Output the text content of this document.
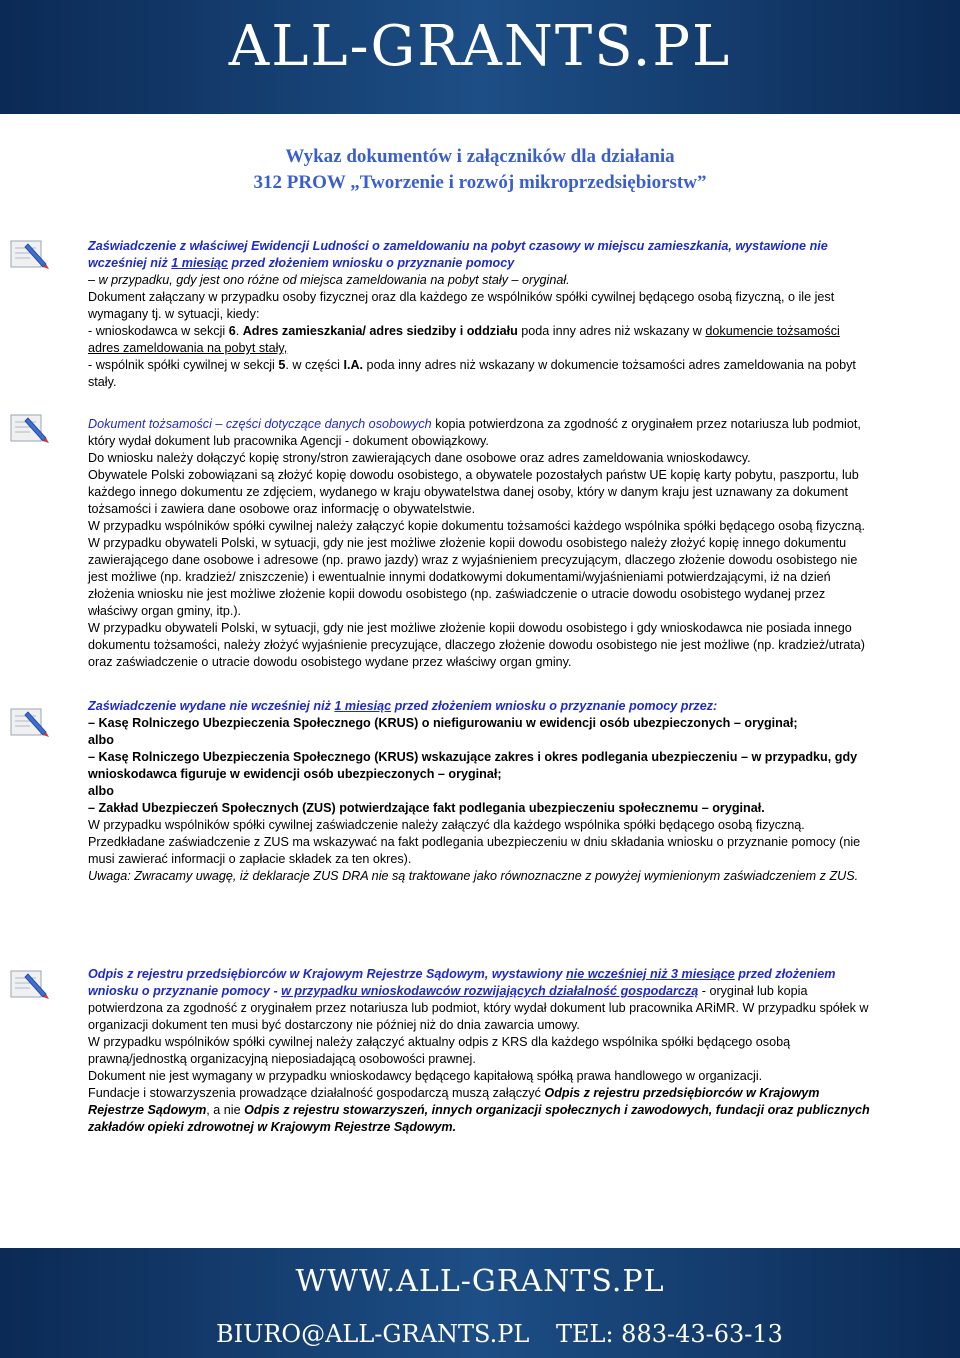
ALL-GRANTS.PL
Wykaz dokumentów i załączników dla działania
312 PROW „Tworzenie i rozwój mikroprzedsiębiorstw”

Zaświadczenie z właściwej Ewidencji Ludności o zameldowaniu na pobyt czasowy w miejscu zamieszkania, wystawione nie wcześniej niż 1 miesiąc przed złożeniem wniosku o przyznanie pomocy

– w przypadku, gdy jest ono różne od miejsca zameldowania na pobyt stały – oryginał.

Dokument załączany w przypadku osoby fizycznej oraz dla każdego ze wspólników spółki cywilnej będącego osobą fizyczną, o ile jest wymagany tj. w sytuacji, kiedy:

- wnioskodawca w sekcji 6. Adres zamieszkania/ adres siedziby i oddziału poda inny adres niż wskazany w dokumencie tożsamości adres zameldowania na pobyt stały,

- wspólnik spółki cywilnej w sekcji 5. w części I.A. poda inny adres niż wskazany w dokumencie tożsamości adres zameldowania na pobyt stały.

Dokument tożsamości – części dotyczące danych osobowych kopia potwierdzona za zgodność z oryginałem przez notariusza lub podmiot, który wydał dokument lub pracownika Agencji - dokument obowiązkowy.

Do wniosku należy dołączyć kopię strony/stron zawierających dane osobowe oraz adres zameldowania wnioskodawcy.

Obywatele Polski zobowiązani są złożyć kopię dowodu osobistego, a obywatele pozostałych państw UE kopię karty pobytu, paszportu, lub każdego innego dokumentu ze zdjęciem, wydanego w kraju obywatelstwa danej osoby, który w danym kraju jest uznawany za dokument tożsamości i zawiera dane osobowe oraz informację o obywatelstwie.

W przypadku wspólników spółki cywilnej należy załączyć kopie dokumentu tożsamości każdego wspólnika spółki będącego osobą fizyczną.

W przypadku obywateli Polski, w sytuacji, gdy nie jest możliwe złożenie kopii dowodu osobistego należy złożyć kopię innego dokumentu zawierającego dane osobowe i adresowe (np. prawo jazdy) wraz z wyjaśnieniem precyzującym, dlaczego złożenie dowodu osobistego nie jest możliwe (np. kradzież/ zniszczenie) i ewentualnie innymi dodatkowymi dokumentami/wyjaśnieniami potwierdzającymi, iż na dzień złożenia wniosku nie jest możliwe złożenie kopii dowodu osobistego (np. zaświadczenie o utracie dowodu osobistego wydanej przez właściwy organ gminy, itp.).

W przypadku obywateli Polski, w sytuacji, gdy nie jest możliwe złożenie kopii dowodu osobistego i gdy wnioskodawca nie posiada innego dokumentu tożsamości, należy złożyć wyjaśnienie precyzujące, dlaczego złożenie dowodu osobistego nie jest możliwe (np. kradzież/utrata) oraz zaświadczenie o utracie dowodu osobistego wydane przez właściwy organ gminy.

Zaświadczenie wydane nie wcześniej niż 1 miesiąc przed złożeniem wniosku o przyznanie pomocy przez:

– Kasę Rolniczego Ubezpieczenia Społecznego (KRUS) o niefigurowaniu w ewidencji osób ubezpieczonych – oryginał;

albo

– Kasę Rolniczego Ubezpieczenia Społecznego (KRUS) wskazujące zakres i okres podlegania ubezpieczeniu – w przypadku, gdy wnioskodawca figuruje w ewidencji osób ubezpieczonych – oryginał;

albo

– Zakład Ubezpieczeń Społecznych (ZUS) potwierdzające fakt podlegania ubezpieczeniu społecznemu – oryginał.

W przypadku wspólników spółki cywilnej zaświadczenie należy załączyć dla każdego wspólnika spółki będącego osobą fizyczną.

Przedkładane zaświadczenie z ZUS ma wskazywać na fakt podlegania ubezpieczeniu w dniu składania wniosku o przyznanie pomocy (nie musi zawierać informacji o zapłacie składek za ten okres).

Uwaga: Zwracamy uwagę, iż deklaracje ZUS DRA nie są traktowane jako równoznaczne z powyżej wymienionym zaświadczeniem z ZUS.

Odpis z rejestru przedsiębiorców w Krajowym Rejestrze Sądowym, wystawiony nie wcześniej niż 3 miesiące przed złożeniem wniosku o przyznanie pomocy - w przypadku wnioskodawców rozwijających działalność gospodarczą - oryginał lub kopia potwierdzona za zgodność z oryginałem przez notariusza lub podmiot, który wydał dokument lub pracownika ARiMR. W przypadku spółek w organizacji dokument ten musi być dostarczony nie później niż do dnia zawarcia umowy.

W przypadku wspólników spółki cywilnej należy załączyć aktualny odpis z KRS dla każdego wspólnika spółki będącego osobą prawną/jednostką organizacyjną nieposiadającą osobowości prawnej.

Dokument nie jest wymagany w przypadku wnioskodawcy będącego kapitałową spółką prawa handlowego w organizacji.

Fundacje i stowarzyszenia prowadzące działalność gospodarczą muszą załączyć Odpis z rejestru przedsiębiorców w Krajowym Rejestrze Sądowym, a nie Odpis z rejestru stowarzyszeń, innych organizacji społecznych i zawodowych, fundacji oraz publicznych zakładów opieki zdrowotnej w Krajowym Rejestrze Sądowym.

WWW.ALL-GRANTS.PL
BIURO@ALL-GRANTS.PL TEL: 883-43-63-13
